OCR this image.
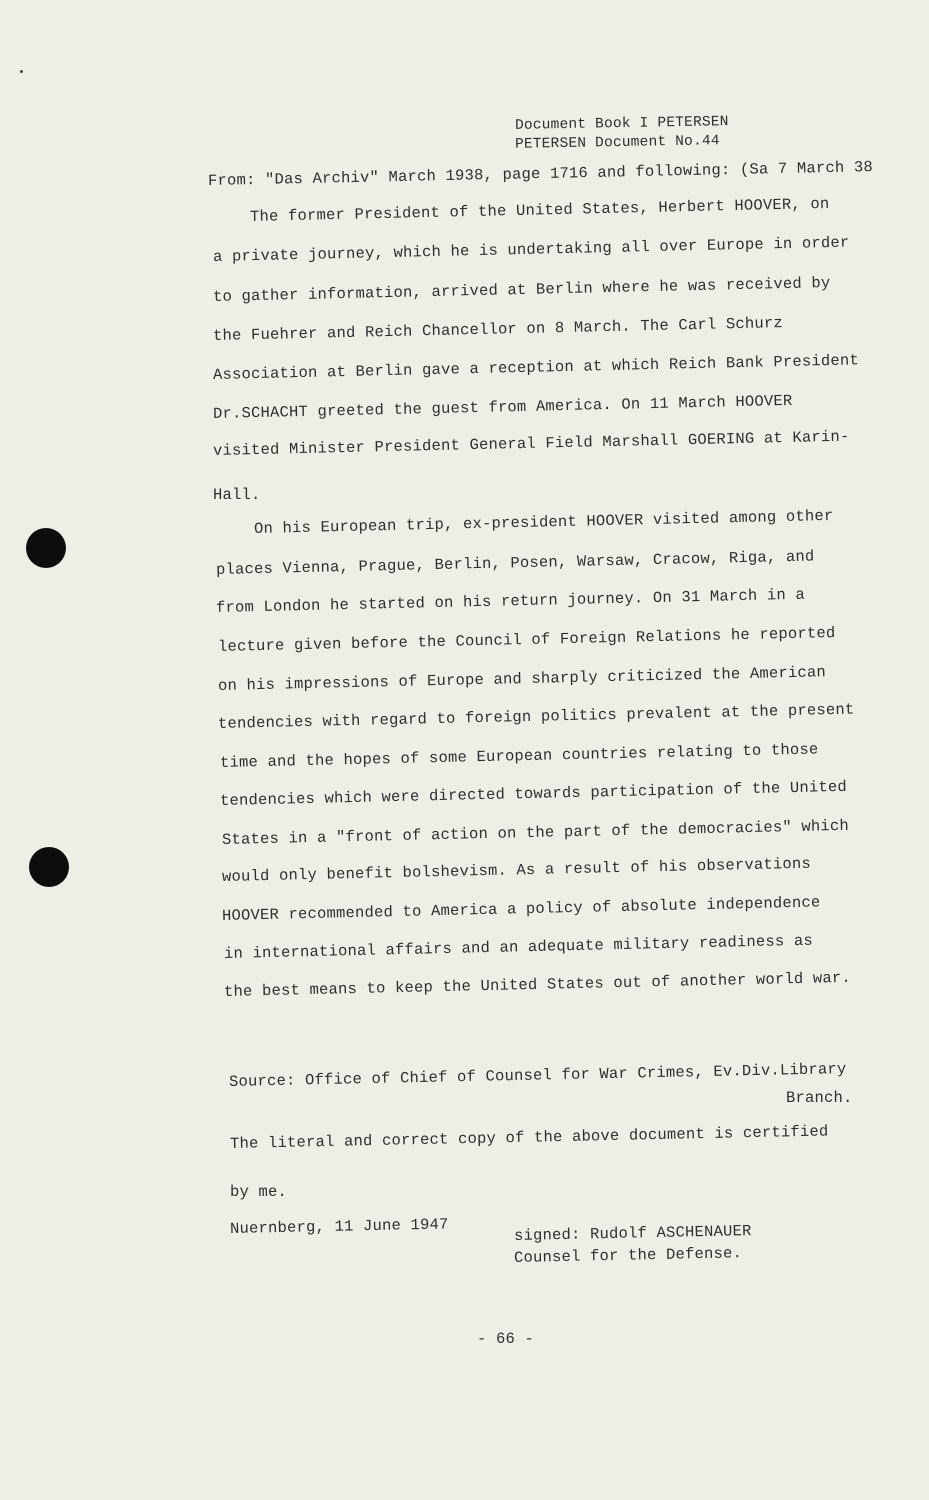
Document Book I PETERSEN
PETERSEN Document No.44
From: "Das Archiv" March 1938, page 1716 and following: (Sa 7 March 38
The former President of the United States, Herbert HOOVER, on
a private journey, which he is undertaking all over Europe in order
to gather information, arrived at Berlin where he was received by
the Fuehrer and Reich Chancellor on 8 March. The Carl Schurz
Association at Berlin gave a reception at which Reich Bank President
Dr.SCHACHT greeted the guest from America. On 11 March HOOVER
visited Minister President General Field Marshall GOERING at Karin-
Hall.
On his European trip, ex-president HOOVER visited among other
places Vienna, Prague, Berlin, Posen, Warsaw, Cracow, Riga, and
from London he started on his return journey. On 31 March in a
lecture given before the Council of Foreign Relations he reported
on his impressions of Europe and sharply criticized the American
tendencies with regard to foreign politics prevalent at the present
time and the hopes of some European countries relating to those
tendencies which were directed towards participation of the United
States in a "front of action on the part of the democracies" which
would only benefit bolshevism. As a result of his observations
HOOVER recommended to America a policy of absolute independence
in international affairs and an adequate military readiness as
the best means to keep the United States out of another world war.
Source: Office of Chief of Counsel for War Crimes, Ev.Div.Library
Branch.
The literal and correct copy of the above document is certified
by me.
Nuernberg, 11 June 1947	signed: Rudolf ASCHENAUER
Counsel for the Defense.
- 66 -
